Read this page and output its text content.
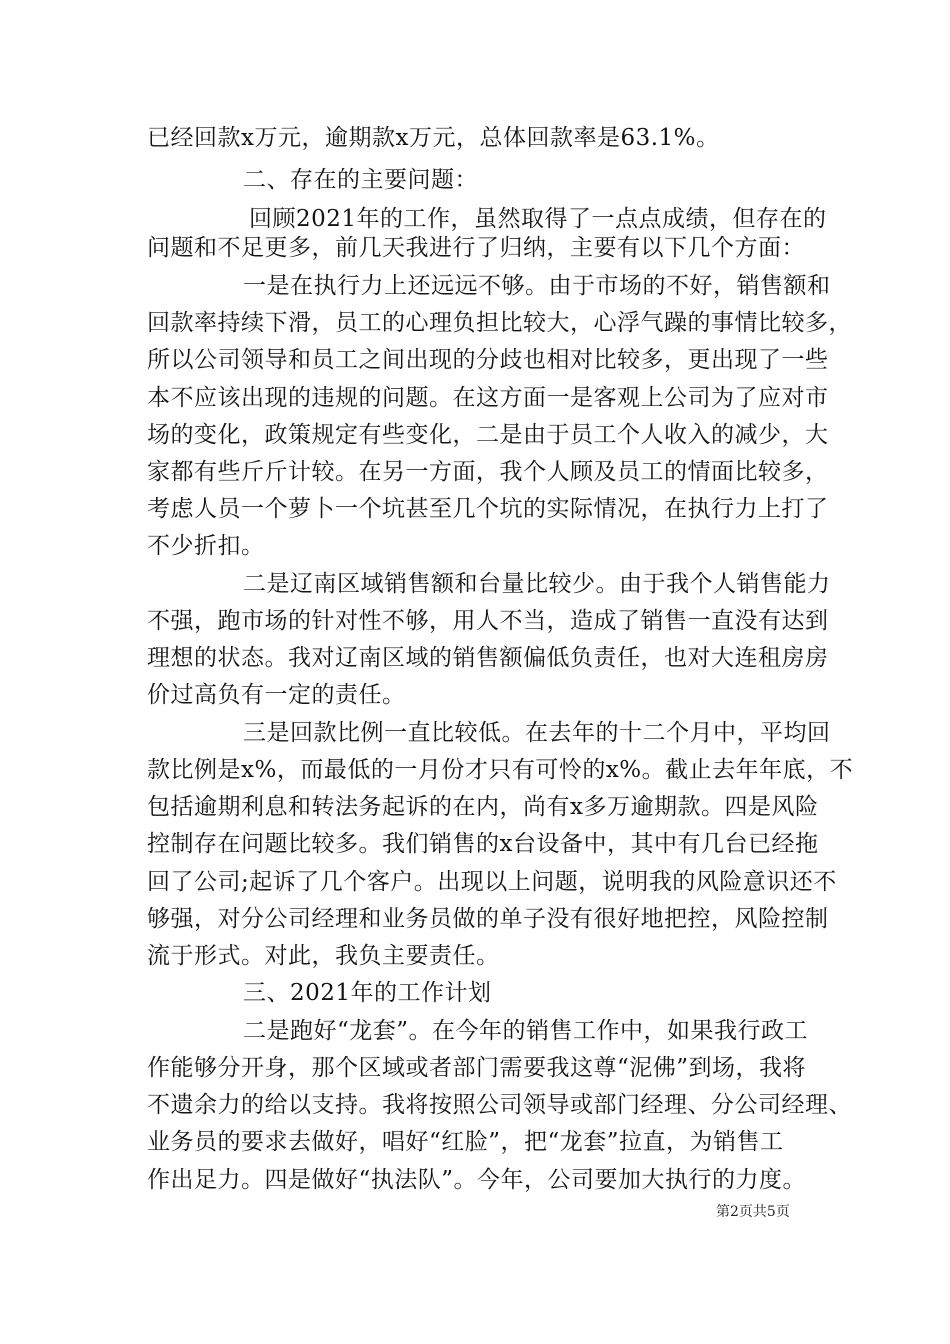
已经回款x万元，逾期款x万元，总体回款率是63.1%。

二、存在的主要问题：

回顾2021年的工作，虽然取得了一点点成绩，但存在的

问题和不足更多，前几天我进行了归纳，主要有以下几个方面：

一是在执行力上还远远不够。由于市场的不好，销售额和

回款率持续下滑，员工的心理负担比较大，心浮气躁的事情比较多，

所以公司领导和员工之间出现的分歧也相对比较多，更出现了一些

本不应该出现的违规的问题。在这方面一是客观上公司为了应对市

场的变化，政策规定有些变化，二是由于员工个人收入的减少，大

家都有些斤斤计较。在另一方面，我个人顾及员工的情面比较多，

考虑人员一个萝卜一个坑甚至几个坑的实际情况，在执行力上打了

不少折扣。

二是辽南区域销售额和台量比较少。由于我个人销售能力

不强，跑市场的针对性不够，用人不当，造成了销售一直没有达到

理想的状态。我对辽南区域的销售额偏低负责任，也对大连租房房

价过高负有一定的责任。

三是回款比例一直比较低。在去年的十二个月中，平均回

款比例是x%，而最低的一月份才只有可怜的x%。截止去年年底，不

包括逾期利息和转法务起诉的在内，尚有x多万逾期款。四是风险

控制存在问题比较多。我们销售的x台设备中，其中有几台已经拖

回了公司;起诉了几个客户。出现以上问题，说明我的风险意识还不

够强，对分公司经理和业务员做的单子没有很好地把控，风险控制

流于形式。对此，我负主要责任。

三、2021年的工作计划

二是跑好“龙套”。在今年的销售工作中，如果我行政工

作能够分开身，那个区域或者部门需要我这尊“泥佛”到场，我将

不遗余力的给以支持。我将按照公司领导或部门经理、分公司经理、

业务员的要求去做好，唱好“红脸”，把“龙套”拉直，为销售工

作出足力。四是做好“执法队”。今年，公司要加大执行的力度。

第2页共5页
